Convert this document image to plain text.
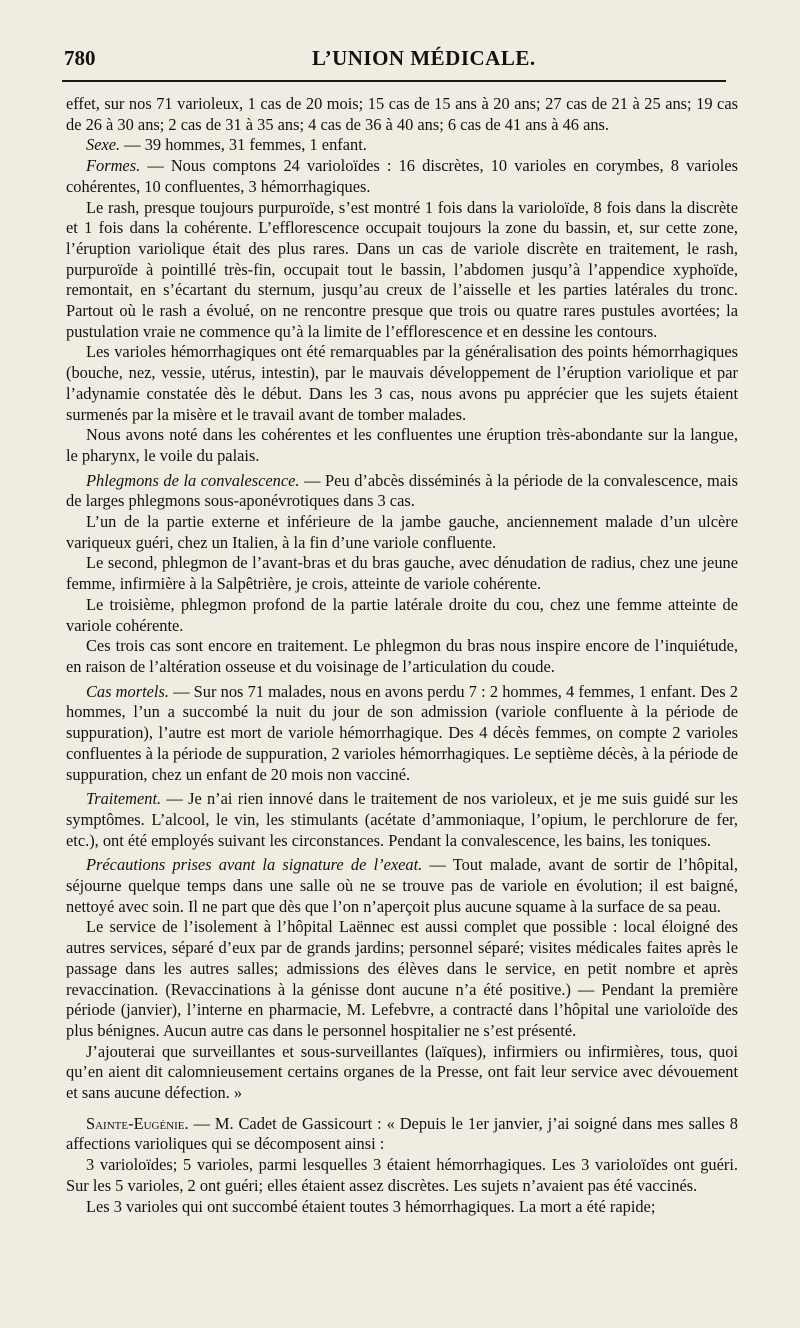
780	L’UNION MÉDICALE.

effet, sur nos 71 varioleux, 1 cas de 20 mois; 15 cas de 15 ans à 20 ans; 27 cas de 21 à 25 ans; 19 cas de 26 à 30 ans; 2 cas de 31 à 35 ans; 4 cas de 36 à 40 ans; 6 cas de 41 ans à 46 ans.

Sexe. — 39 hommes, 31 femmes, 1 enfant.

Formes. — Nous comptons 24 varioloïdes : 16 discrètes, 10 varioles en corymbes, 8 varioles cohérentes, 10 confluentes, 3 hémorrhagiques.

Le rash, presque toujours purpuroïde, s’est montré 1 fois dans la varioloïde, 8 fois dans la discrète et 1 fois dans la cohérente. L’efflorescence occupait toujours la zone du bassin, et, sur cette zone, l’éruption variolique était des plus rares. Dans un cas de variole discrète en traitement, le rash, purpuroïde à pointillé très-fin, occupait tout le bassin, l’abdomen jusqu’à l’appendice xyphoïde, remontait, en s’écartant du sternum, jusqu’au creux de l’aisselle et les parties latérales du tronc. Partout où le rash a évolué, on ne rencontre presque que trois ou quatre rares pustules avortées; la pustulation vraie ne commence qu’à la limite de l’efflorescence et en dessine les contours.

Les varioles hémorrhagiques ont été remarquables par la généralisation des points hémorrhagiques (bouche, nez, vessie, utérus, intestin), par le mauvais développement de l’éruption variolique et par l’adynamie constatée dès le début. Dans les 3 cas, nous avons pu apprécier que les sujets étaient surmenés par la misère et le travail avant de tomber malades.

Nous avons noté dans les cohérentes et les confluentes une éruption très-abondante sur la langue, le pharynx, le voile du palais.

Phlegmons de la convalescence. — Peu d’abcès disséminés à la période de la convalescence, mais de larges phlegmons sous-aponévrotiques dans 3 cas.

L’un de la partie externe et inférieure de la jambe gauche, anciennement malade d’un ulcère variqueux guéri, chez un Italien, à la fin d’une variole confluente.

Le second, phlegmon de l’avant-bras et du bras gauche, avec dénudation de radius, chez une jeune femme, infirmière à la Salpêtrière, je crois, atteinte de variole cohérente.

Le troisième, phlegmon profond de la partie latérale droite du cou, chez une femme atteinte de variole cohérente.

Ces trois cas sont encore en traitement. Le phlegmon du bras nous inspire encore de l’inquiétude, en raison de l’altération osseuse et du voisinage de l’articulation du coude.

Cas mortels. — Sur nos 71 malades, nous en avons perdu 7 : 2 hommes, 4 femmes, 1 enfant. Des 2 hommes, l’un a succombé la nuit du jour de son admission (variole confluente à la période de suppuration), l’autre est mort de variole hémorrhagique. Des 4 décès femmes, on compte 2 varioles confluentes à la période de suppuration, 2 varioles hémorrhagiques. Le septième décès, à la période de suppuration, chez un enfant de 20 mois non vacciné.

Traitement. — Je n’ai rien innové dans le traitement de nos varioleux, et je me suis guidé sur les symptômes. L’alcool, le vin, les stimulants (acétate d’ammoniaque, l’opium, le perchlorure de fer, etc.), ont été employés suivant les circonstances. Pendant la convalescence, les bains, les toniques.

Précautions prises avant la signature de l’exeat. — Tout malade, avant de sortir de l’hôpital, séjourne quelque temps dans une salle où ne se trouve pas de variole en évolution; il est baigné, nettoyé avec soin. Il ne part que dès que l’on n’aperçoit plus aucune squame à la surface de sa peau.

Le service de l’isolement à l’hôpital Laënnec est aussi complet que possible : local éloigné des autres services, séparé d’eux par de grands jardins; personnel séparé; visites médicales faites après le passage dans les autres salles; admissions des élèves dans le service, en petit nombre et après revaccination. (Revaccinations à la génisse dont aucune n’a été positive.) — Pendant la première période (janvier), l’interne en pharmacie, M. Lefebvre, a contracté dans l’hôpital une varioloïde des plus bénignes. Aucun autre cas dans le personnel hospitalier ne s’est présenté.

J’ajouterai que surveillantes et sous-surveillantes (laïques), infirmiers ou infirmières, tous, quoi qu’en aient dit calomnieusement certains organes de la Presse, ont fait leur service avec dévouement et sans aucune défection. »

Sainte-Eugénie. — M. Cadet de Gassicourt : « Depuis le 1er janvier, j’ai soigné dans mes salles 8 affections varioliques qui se décomposent ainsi :

3 varioloïdes; 5 varioles, parmi lesquelles 3 étaient hémorrhagiques. Les 3 varioloïdes ont guéri. Sur les 5 varioles, 2 ont guéri; elles étaient assez discrètes. Les sujets n’avaient pas été vaccinés.

Les 3 varioles qui ont succombé étaient toutes 3 hémorrhagiques. La mort a été rapide;
